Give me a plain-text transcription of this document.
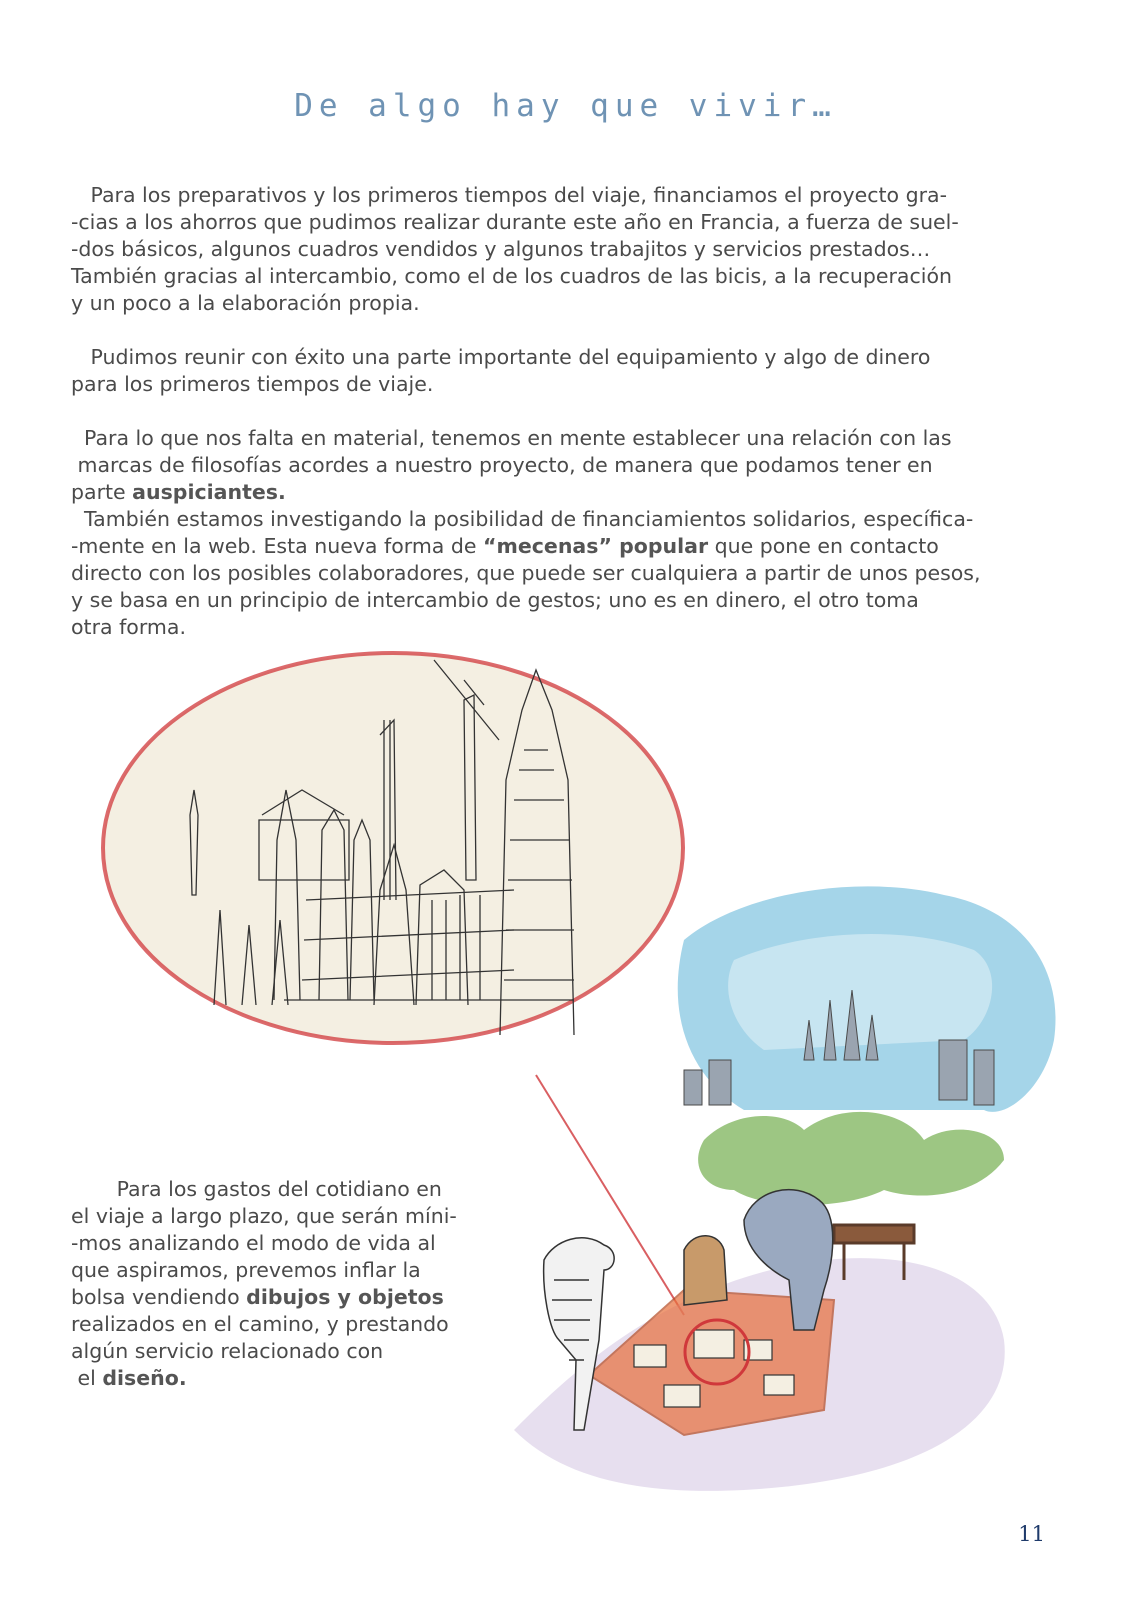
De algo hay que vivir…
Para los preparativos y los primeros tiempos del viaje, financiamos el proyecto gra-
-cias a los ahorros que pudimos realizar durante este año en Francia, a fuerza de suel-
-dos básicos, algunos cuadros vendidos y algunos trabajitos y servicios prestados…
También gracias al intercambio, como el de los cuadros de las bicis, a la recuperación
y un poco a la elaboración propia.
Pudimos reunir con éxito una parte importante del equipamiento y algo de dinero
para los primeros tiempos de viaje.
Para lo que nos falta en material, tenemos en mente establecer una relación con las
marcas de filosofías acordes a nuestro proyecto, de manera que podamos tener en
parte auspiciantes.
También estamos investigando la posibilidad de financiamientos solidarios, específica-
-mente en la web. Esta nueva forma de “mecenas” popular que pone en contacto
directo con los posibles colaboradores, que puede ser cualquiera a partir de unos pesos,
y se basa en un principio de intercambio de gestos; uno es en dinero, el otro toma
otra forma.
Para los gastos del cotidiano en
el viaje a largo plazo, que serán míni-
-mos analizando el modo de vida al
que aspiramos, prevemos inflar la
bolsa vendiendo dibujos y objetos
realizados en el camino, y prestando
algún servicio relacionado con
el diseño.
11
